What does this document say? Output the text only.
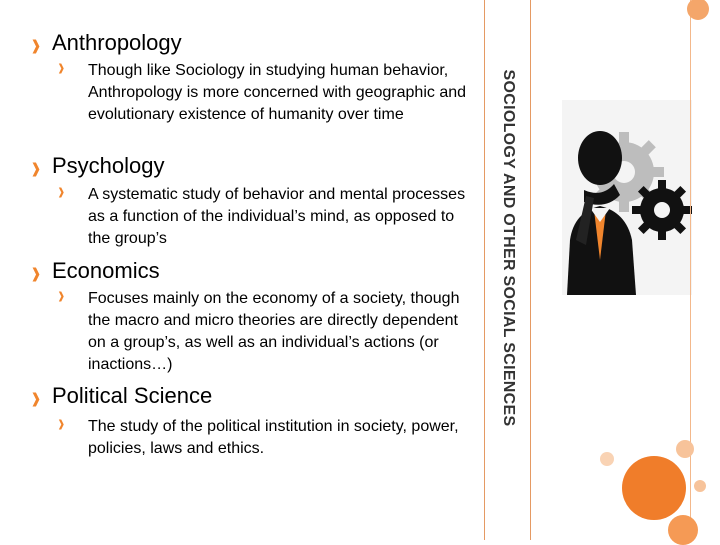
❱ Anthropology
❱ Though like Sociology in studying human behavior, Anthropology is more concerned with geographic and evolutionary existence of humanity over time
❱ Psychology
❱ A systematic study of behavior and mental processes as a function of the individual’s mind, as opposed to the group’s
❱ Economics
❱ Focuses mainly on the economy of a society, though the macro and micro theories are directly dependent on a group’s, as well as an individual’s actions (or inactions…)
❱ Political Science
❱ The study of the political institution in society, power, policies, laws and ethics.
SOCIOLOGY AND OTHER SOCIAL SCIENCES
